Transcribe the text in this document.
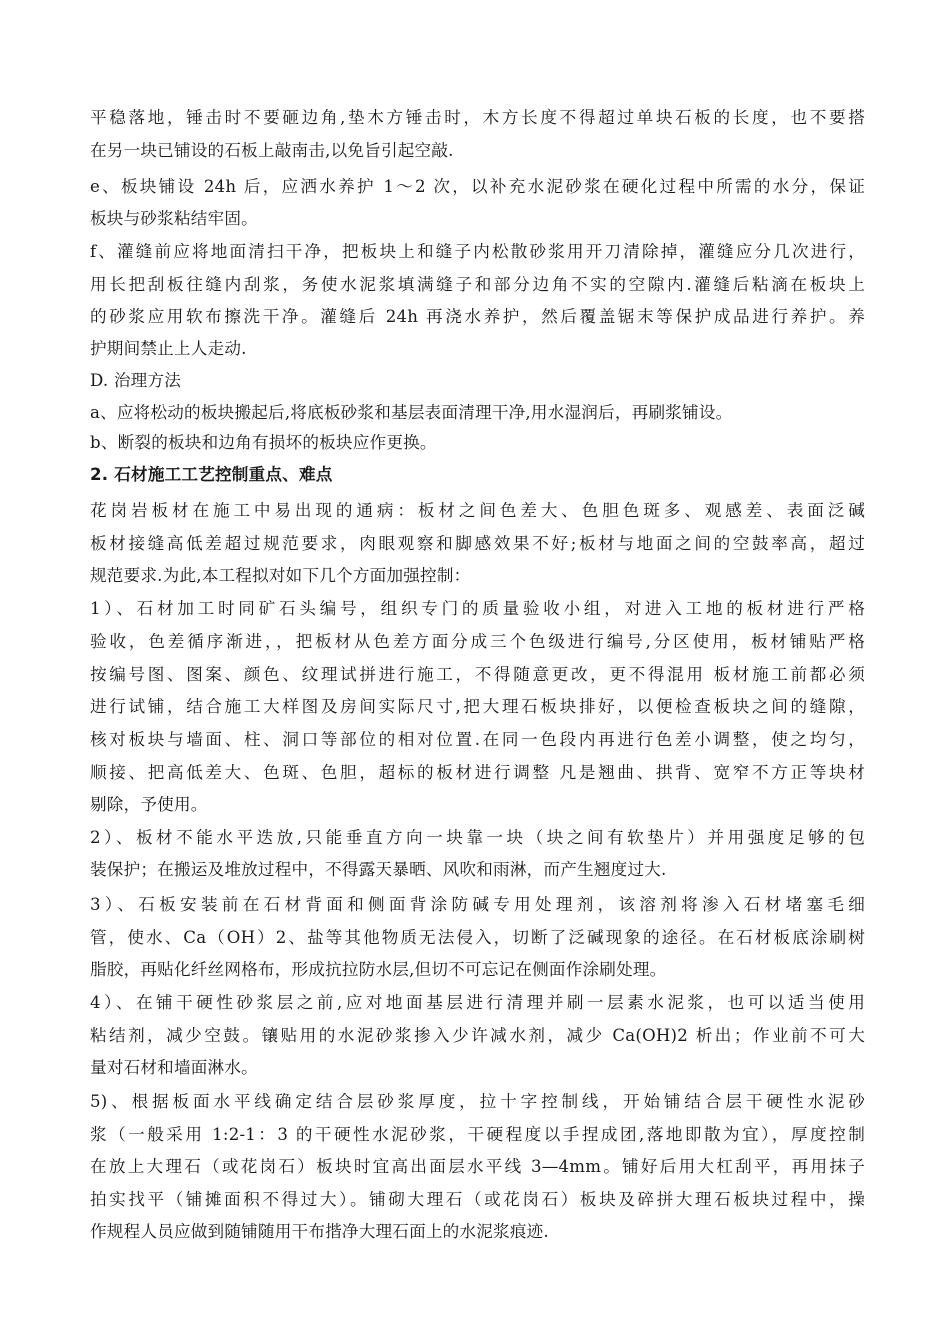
平稳落地，锤击时不要砸边角,垫木方锤击时，木方长度不得超过单块石板的长度，也不要搭
在另一块已铺设的石板上敲南击,以免旨引起空敲.
e、板块铺设 24h 后，应洒水养护 1～2 次，以补充水泥砂浆在硬化过程中所需的水分，保证
板块与砂浆粘结牢固。
f、灌缝前应将地面清扫干净，把板块上和缝子内松散砂浆用开刀清除掉，灌缝应分几次进行，
用长把刮板往缝内刮浆，务使水泥浆填满缝子和部分边角不实的空隙内.灌缝后粘滴在板块上
的砂浆应用软布擦洗干净。灌缝后 24h 再浇水养护，然后覆盖锯末等保护成品进行养护。养
护期间禁止上人走动.
D. 治理方法
a、应将松动的板块搬起后,将底板砂浆和基层表面清理干净,用水湿润后，再刷浆铺设。
b、断裂的板块和边角有损坏的板块应作更换。
2. 石材施工工艺控制重点、难点
花岗岩板材在施工中易出现的通病：板材之间色差大、色胆色斑多、观感差、表面泛碱
板材接缝高低差超过规范要求，肉眼观察和脚感效果不好;板材与地面之间的空鼓率高，超过
规范要求.为此,本工程拟对如下几个方面加强控制：
1）、石材加工时同矿石头编号，组织专门的质量验收小组，对进入工地的板材进行严格
验收，色差循序渐进，，把板材从色差方面分成三个色级进行编号,分区使用，板材铺贴严格
按编号图、图案、颜色、纹理试拼进行施工，不得随意更改，更不得混用 板材施工前都必须
进行试铺，结合施工大样图及房间实际尺寸,把大理石板块排好，以便检查板块之间的缝隙，
核对板块与墙面、柱、洞口等部位的相对位置.在同一色段内再进行色差小调整，使之均匀，
顺接、把高低差大、色斑、色胆，超标的板材进行调整 凡是翘曲、拱背、宽窄不方正等块材
剔除，予使用。
2）、板材不能水平迭放,只能垂直方向一块靠一块（块之间有软垫片）并用强度足够的包
装保护；在搬运及堆放过程中，不得露天暴晒、风吹和雨淋，而产生翘度过大.
3）、石板安装前在石材背面和侧面背涂防碱专用处理剂，该溶剂将渗入石材堵塞毛细
管，使水、Ca（OH）2、盐等其他物质无法侵入，切断了泛碱现象的途径。在石材板底涂刷树
脂胶，再贴化纤丝网格布，形成抗拉防水层,但切不可忘记在侧面作涂刷处理。
4）、在铺干硬性砂浆层之前,应对地面基层进行清理并刷一层素水泥浆，也可以适当使用
粘结剂，减少空鼓。镶贴用的水泥砂浆掺入少许减水剂，减少 Ca(OH)2 析出；作业前不可大
量对石材和墙面淋水。
5)、根据板面水平线确定结合层砂浆厚度，拉十字控制线，开始铺结合层干硬性水泥砂
浆（一般采用 1:2-1：3 的干硬性水泥砂浆，干硬程度以手捏成团,落地即散为宜），厚度控制
在放上大理石（或花岗石）板块时宜高出面层水平线 3—4mm。铺好后用大杠刮平，再用抹子
拍实找平（铺摊面积不得过大）。铺砌大理石（或花岗石）板块及碎拼大理石板块过程中，操
作规程人员应做到随铺随用干布揩净大理石面上的水泥浆痕迹.
